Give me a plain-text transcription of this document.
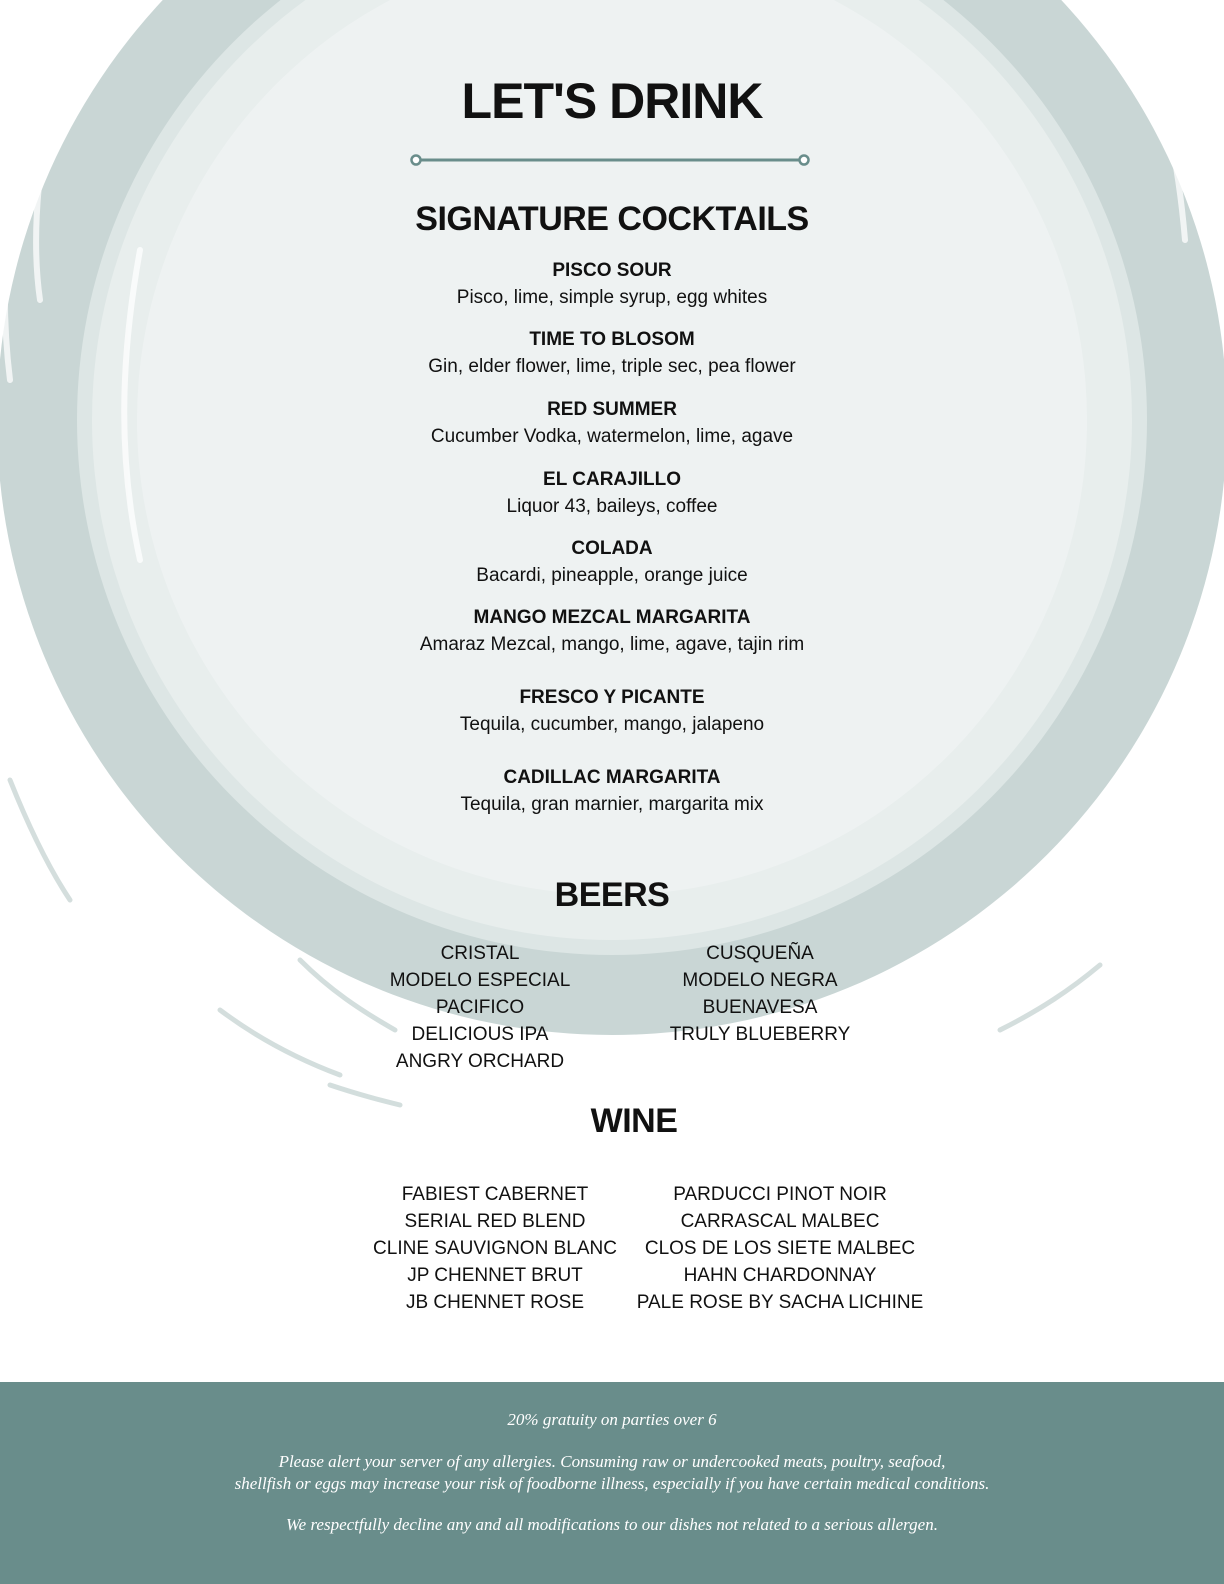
LET'S DRINK
SIGNATURE COCKTAILS
PISCO SOUR
Pisco, lime, simple syrup, egg whites
TIME TO BLOSOM
Gin, elder flower, lime, triple sec, pea flower
RED SUMMER
Cucumber Vodka, watermelon, lime, agave
EL CARAJILLO
Liquor 43, baileys, coffee
COLADA
Bacardi, pineapple, orange juice
MANGO MEZCAL MARGARITA
Amaraz Mezcal, mango, lime, agave, tajin rim
FRESCO Y PICANTE
Tequila, cucumber, mango, jalapeno
CADILLAC MARGARITA
Tequila, gran marnier, margarita mix
BEERS
CRISTAL
MODELO ESPECIAL
PACIFICO
DELICIOUS IPA
ANGRY ORCHARD
CUSQUEÑA
MODELO NEGRA
BUENAVESA
TRULY BLUEBERRY
WINE
FABIEST CABERNET
SERIAL RED BLEND
CLINE SAUVIGNON BLANC
JP CHENNET BRUT
JB CHENNET ROSE
PARDUCCI PINOT NOIR
CARRASCAL MALBEC
CLOS DE LOS SIETE MALBEC
HAHN CHARDONNAY
PALE ROSE BY SACHA LICHINE

20% gratuity on parties over 6

Please alert your server of any allergies. Consuming raw or undercooked meats, poultry, seafood,

shellfish or eggs may increase your risk of foodborne illness, especially if you have certain medical conditions.

We respectfully decline any and all modifications to our dishes not related to a serious allergen.
